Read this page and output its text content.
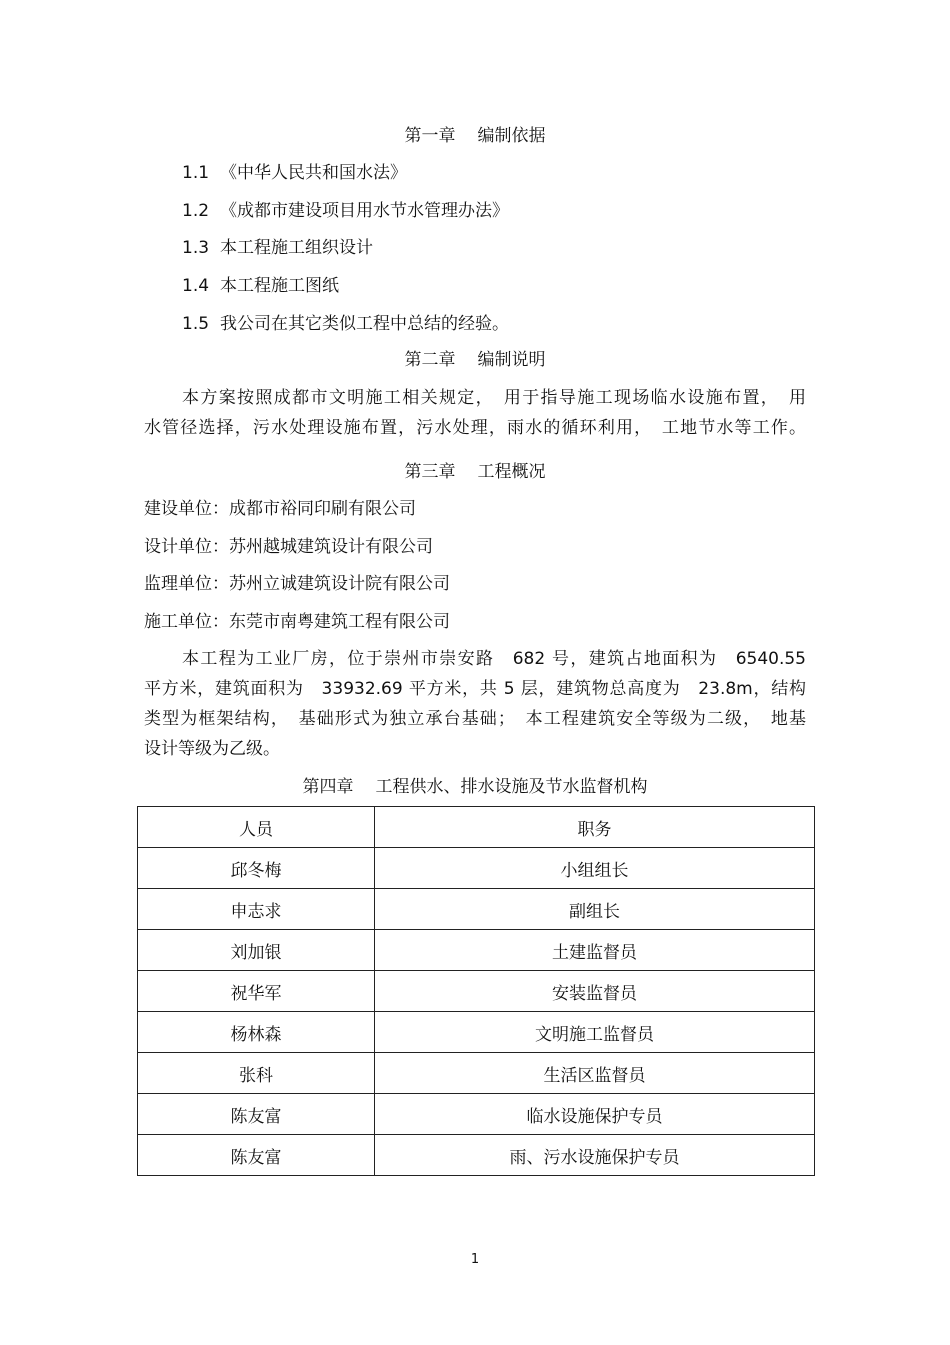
第一章 编制依据
1.1 《中华人民共和国水法》
1.2 《成都市建设项目用水节水管理办法》
1.3 本工程施工组织设计
1.4 本工程施工图纸
1.5 我公司在其它类似工程中总结的经验。
第二章 编制说明
本方案按照成都市文明施工相关规定，　用于指导施工现场临水设施布置，　用
水管径选择，污水处理设施布置，污水处理，雨水的循环利用，　工地节水等工作。
第三章 工程概况
建设单位：成都市裕同印刷有限公司
设计单位：苏州越城建筑设计有限公司
监理单位：苏州立诚建筑设计院有限公司
施工单位：东莞市南粤建筑工程有限公司
本工程为工业厂房，位于崇州市崇安路　682 号，建筑占地面积为　6540.55
平方米，建筑面积为　33932.69 平方米，共 5 层，建筑物总高度为　23.8m，结构
类型为框架结构，　基础形式为独立承台基础；　本工程建筑安全等级为二级，　地基
设计等级为乙级。
第四章 工程供水、排水设施及节水监督机构
人员	职务
邱冬梅	小组组长
申志求	副组长
刘加银	土建监督员
祝华军	安装监督员
杨林森	文明施工监督员
张科	生活区监督员
陈友富	临水设施保护专员
陈友富	雨、污水设施保护专员
1
